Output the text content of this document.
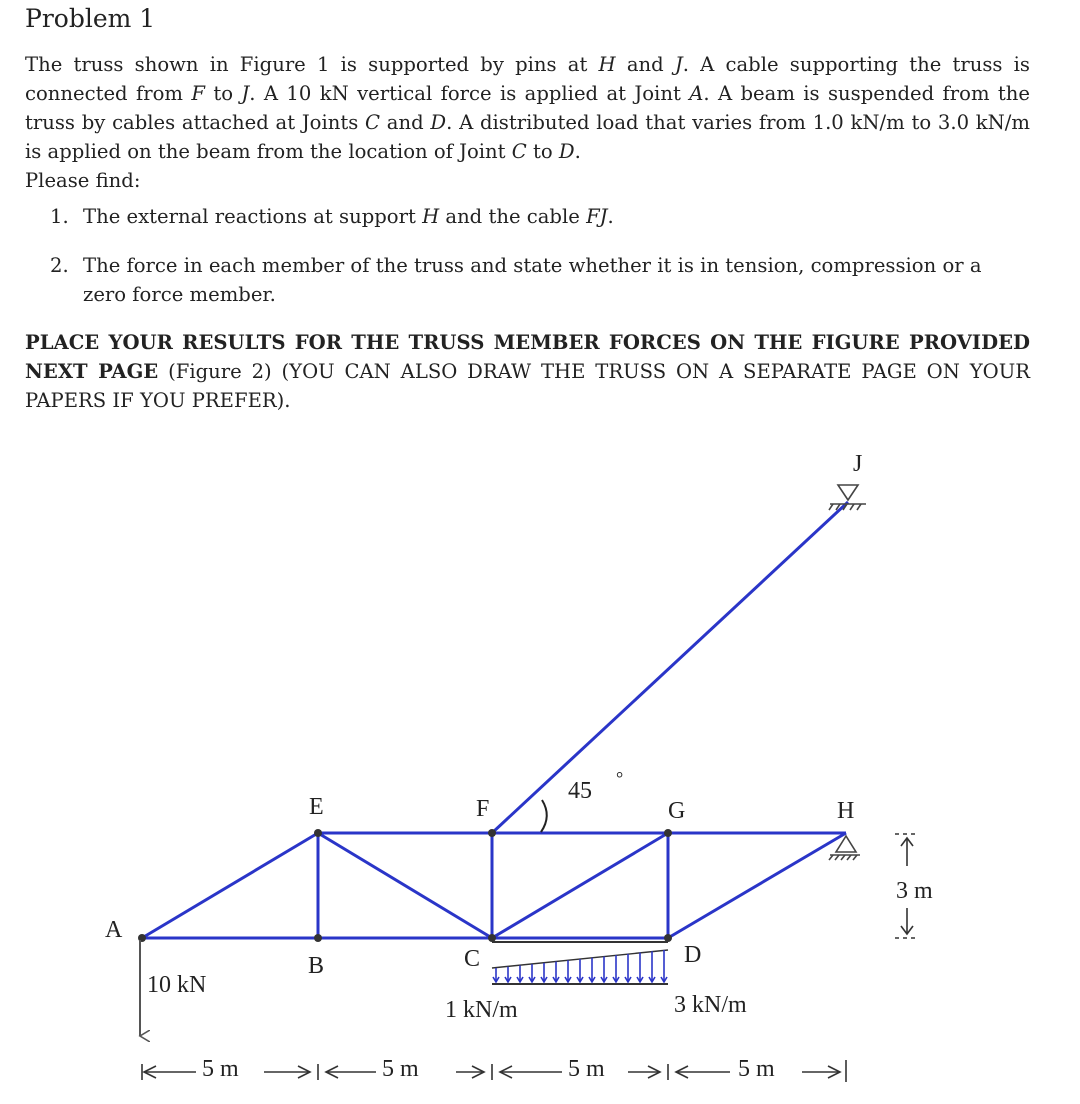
Problem 1

The truss shown in Figure 1 is supported by pins at H and J. A cable supporting the truss is connected from F to J. A 10 kN vertical force is applied at Joint A. A beam is suspended from the truss by cables attached at Joints C and D. A distributed load that varies from 1.0 kN/m to 3.0 kN/m is applied on the beam from the location of Joint C to D.

Please find:

1. The external reactions at support H and the cable FJ.
2. The force in each member of the truss and state whether it is in tension, compression or a zero force member.
PLACE YOUR RESULTS FOR THE TRUSS MEMBER FORCES ON THE FIGURE PROVIDED NEXT PAGE (Figure 2) (YOU CAN ALSO DRAW THE TRUSS ON A SEPARATE PAGE ON YOUR PAPERS IF YOU PREFER).
A
B	C	D
E	F	G	H
J
45 °
10 kN
1 kN/m	3 kN/m
5 m	5 m	5 m	5 m
3 m
